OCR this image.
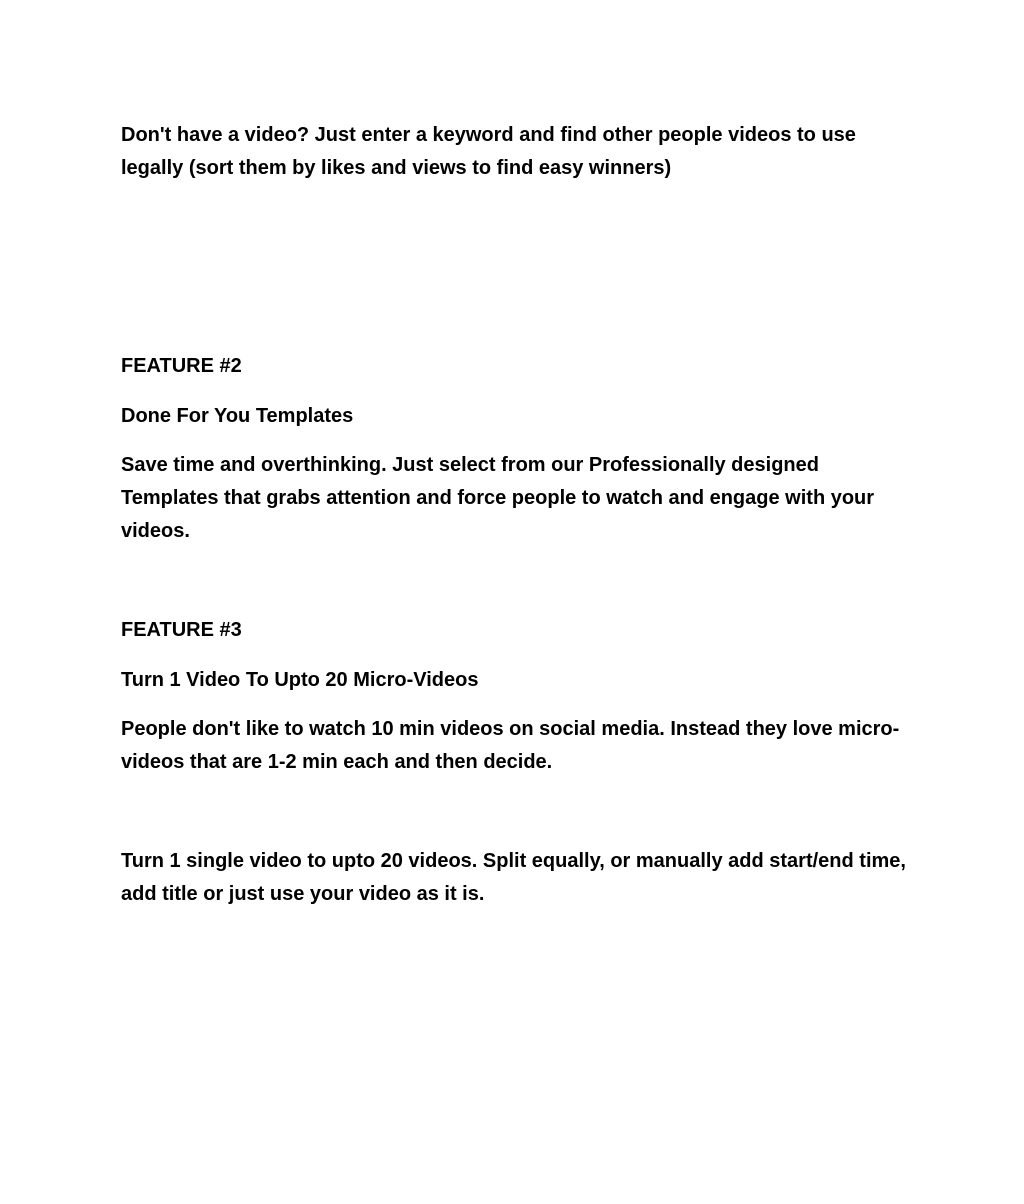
Don't have a video? Just enter a keyword and find other people videos to use legally (sort them by likes and views to find easy winners)

FEATURE #2

Done For You Templates

Save time and overthinking. Just select from our Professionally designed Templates that grabs attention and force people to watch and engage with your videos.

FEATURE #3

Turn 1 Video To Upto 20 Micro-Videos

People don't like to watch 10 min videos on social media. Instead they love micro-videos that are 1-2 min each and then decide.

Turn 1 single video to upto 20 videos. Split equally, or manually add start/end time, add title or just use your video as it is.
